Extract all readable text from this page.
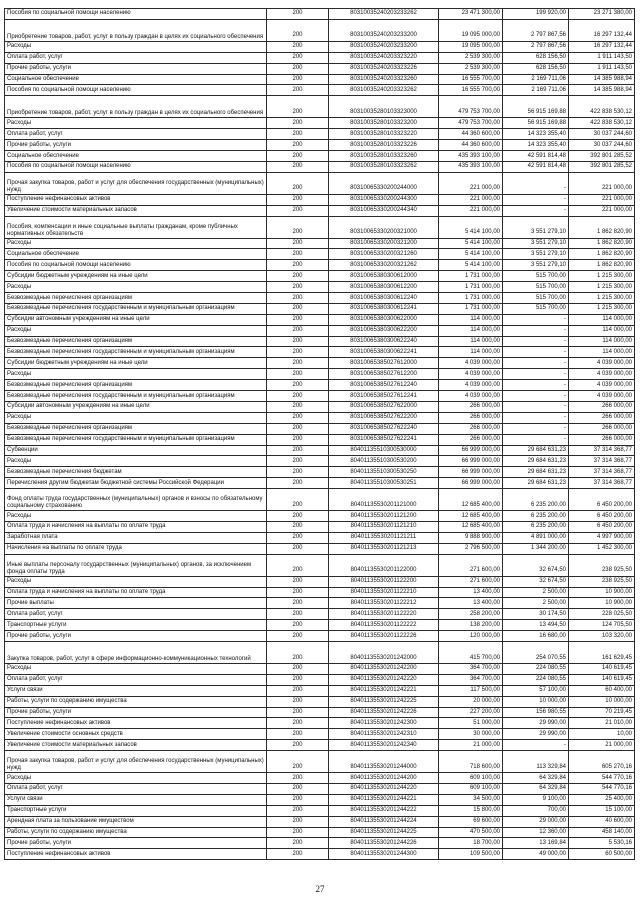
Пособия по социальной помощи населению	200	80310035240203233262	23 471 300,00	199 920,00	23 271 380,00
Приобретение товаров, работ, услуг в пользу граждан в целях их социального обеспечения	200	80310035240203233200	19 095 000,00	2 797 867,56	16 297 132,44
Расходы	200	80310035240203233200	19 095 000,00	2 797 867,56	16 297 132,44
Оплата работ, услуг	200	80310035240203323220	2 539 300,00	628 156,50	1 911 143,50
Прочие работы, услуги	200	80310035240203323226	2 539 300,00	628 156,50	1 911 143,50
Социальное обеспечение	200	80310035240203323260	16 555 700,00	2 169 711,06	14 385 988,94
Пособия по социальной помощи населению	200	80310035240203323262	16 555 700,00	2 169 711,06	14 385 988,94
Приобретение товаров, работ, услуг в пользу граждан в целях их социального обеспечения	200	80310035280103323000	479 753 700,00	56 915 169,88	422 838 530,12
Расходы	200	80310035280103323200	479 753 700,00	56 915 169,88	422 838 530,12
Оплата работ, услуг	200	80310035280103323220	44 360 600,00	14 323 355,40	30 037 244,60
Прочие работы, услуги	200	80310035280103323226	44 360 600,00	14 323 355,40	30 037 244,60
Социальное обеспечение	200	80310035280103323260	435 393 100,00	42 591 814,48	392 801 285,52
Пособия по социальной помощи населению	200	80310035280103323262	435 393 100,00	42 591 814,48	392 801 285,52
Прочая закупка товаров, работ и услуг для обеспечения государственных (муниципальных) нужд	200	80310065330200244000	221 000,00	-	221 000,00
Поступление нефинансовых активов	200	80310065330200244300	221 000,00	-	221 000,00
Увеличение стоимости материальных запасов	200	80310065330200244340	221 000,00	-	221 000,00
Пособия, компенсации и иные социальные выплаты гражданам, кроме публичных нормативных обязательств	200	80310065330200321000	5 414 100,00	3 551 279,10	1 862 820,90
Расходы	200	80310065330200321200	5 414 100,00	3 551 279,10	1 862 820,90
Социальное обеспечение	200	80310065330200321260	5 414 100,00	3 551 279,10	1 862 820,90
Пособия по социальной помощи населению	200	80310065330200321262	5 414 100,00	3 551 279,10	1 862 820,90
Субсидии бюджетным учреждениям на иные цели	200	80310065380300612000	1 731 000,00	515 700,00	1 215 300,00
Расходы	200	80310065380300612200	1 731 000,00	515 700,00	1 215 300,00
Безвозмездные перечисления организациям	200	80310065380300612240	1 731 000,00	515 700,00	1 215 300,00
Безвозмездные перечисления государственным и муниципальным организациям	200	80310065380300612241	1 731 000,00	515 700,00	1 215 300,00
Субсидии автономным учреждениям на иные цели	200	80310065380300622000	114 000,00	-	114 000,00
Расходы	200	80310065380300622200	114 000,00	-	114 000,00
Безвозмездные перечисления организациям	200	80310065380300622240	114 000,00	-	114 000,00
Безвозмездные перечисления государственным и муниципальным организациям	200	80310065380300622241	114 000,00	-	114 000,00
Субсидии бюджетным учреждениям на иные цели	200	80310065385027612000	4 039 000,00	-	4 039 000,00
Расходы	200	80310065385027612200	4 039 000,00	-	4 039 000,00
Безвозмездные перечисления организациям	200	80310065385027612240	4 039 000,00	-	4 039 000,00
Безвозмездные перечисления государственным и муниципальным организациям	200	80310065385027612241	4 039 000,00	-	4 039 000,00
Субсидии автономным учреждениям на иные цели	200	80310065385027622000	266 000,00	-	266 000,00
Расходы	200	80310065385027622200	266 000,00	-	266 000,00
Безвозмездные перечисления организациям	200	80310065385027622240	266 000,00	-	266 000,00
Безвозмездные перечисления государственным и муниципальным организациям	200	80310065385027622241	266 000,00	-	266 000,00
Субвенции	200	80401135510300530000	66 999 000,00	29 684 631,23	37 314 368,77
Расходы	200	80401135510300530200	66 999 000,00	29 684 631,23	37 314 368,77
Безвозмездные перечисления бюджетам	200	80401135510300530250	66 999 000,00	29 684 631,23	37 314 368,77
Перечисления другим бюджетам бюджетной системы Российской Федерации	200	80401135510300530251	66 999 000,00	29 684 631,23	37 314 368,77
Фонд оплаты труда государственных (муниципальных) органов и взносы по обязательному социальному страхованию	200	80401135530201121000	12 685 400,00	6 235 200,00	6 450 200,00
Расходы	200	80401135530201121200	12 685 400,00	6 235 200,00	6 450 200,00
Оплата труда и начисления на выплаты по оплате труда	200	80401135530201121210	12 685 400,00	6 235 200,00	6 450 200,00
Заработная плата	200	80401135530201121211	9 888 900,00	4 891 000,00	4 997 900,00
Начисления на выплаты по оплате труда	200	80401135530201121213	2 796 500,00	1 344 200,00	1 452 300,00
Иные выплаты персоналу государственных (муниципальных) органов, за исключением фонда оплаты труда	200	80401135530201122000	271 600,00	32 674,50	238 925,50
Расходы	200	80401135530201122200	271 600,00	32 674,50	238 925,50
Оплата труда и начисления на выплаты по оплате труда	200	80401135530201122210	13 400,00	2 500,00	10 900,00
Прочие выплаты	200	80401135530201122212	13 400,00	2 500,00	10 900,00
Оплата работ, услуг	200	80401135530201122220	258 200,00	30 174,50	228 025,50
Транспортные услуги	200	80401135530201122222	138 200,00	13 494,50	124 705,50
Прочие работы, услуги	200	80401135530201122226	120 000,00	16 680,00	103 320,00
Закупка товаров, работ, услуг в сфере информационно-коммуникационных технологий	200	80401135530201242000	415 700,00	254 070,55	161 629,45
Расходы	200	80401135530201242200	364 700,00	224 080,55	140 619,45
Оплата работ, услуг	200	80401135530201242220	364 700,00	224 080,55	140 619,45
Услуги связи	200	80401135530201242221	117 500,00	57 100,00	60 400,00
Работы, услуги по содержанию имущества	200	80401135530201242225	20 000,00	10 000,00	10 000,00
Прочие работы, услуги	200	80401135530201242226	227 200,00	156 980,55	70 219,45
Поступление нефинансовых активов	200	80401135530201242300	51 000,00	29 990,00	21 010,00
Увеличение стоимости основных средств	200	80401135530201242310	30 000,00	29 990,00	10,00
Увеличение стоимости материальных запасов	200	80401135530201242340	21 000,00	-	21 000,00
Прочая закупка товаров, работ и услуг для обеспечения государственных (муниципальных) нужд	200	80401135530201244000	718 600,00	113 329,84	605 270,16
Расходы	200	80401135530201244200	609 100,00	64 329,84	544 770,16
Оплата работ, услуг	200	80401135530201244220	609 100,00	64 329,84	544 770,16
Услуги связи	200	80401135530201244221	34 500,00	9 100,00	25 400,00
Транспортные услуги	200	80401135530201244222	15 800,00	700,00	15 100,00
Арендная плата за пользование имуществом	200	80401135530201244224	69 600,00	29 000,00	40 600,00
Работы, услуги по содержанию имущества	200	80401135530201244225	470 500,00	12 360,00	458 140,00
Прочие работы, услуги	200	80401135530201244226	18 700,00	13 169,84	5 530,16
Поступление нефинансовых активов	200	80401135530201244300	109 500,00	49 000,00	60 500,00
27
